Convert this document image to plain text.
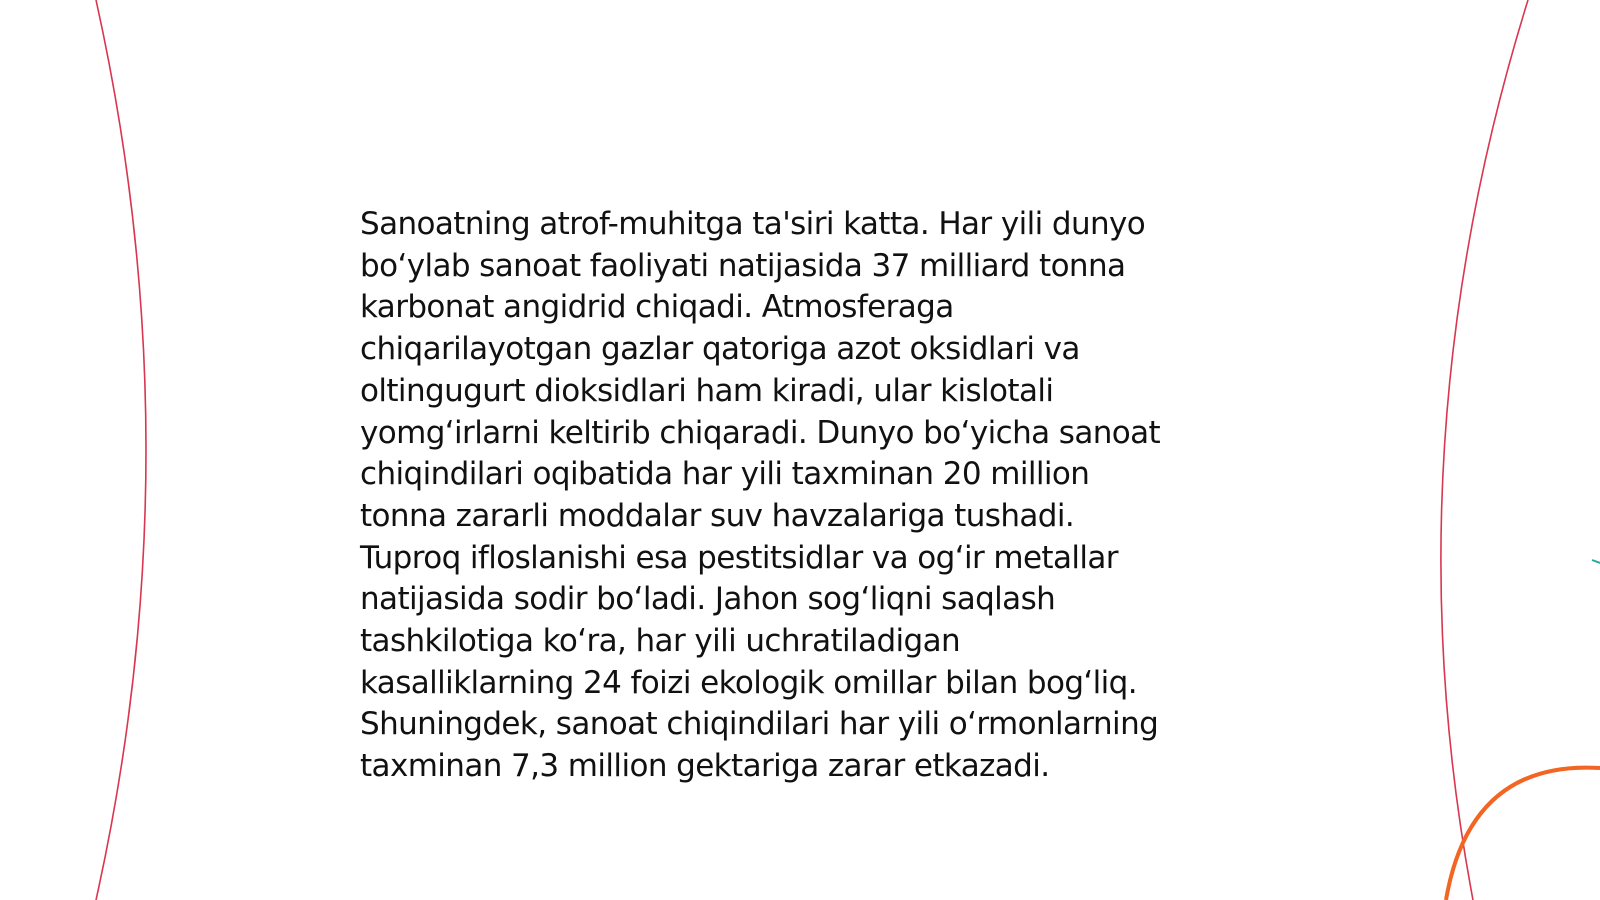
Sanoatning atrof-muhitga ta'siri katta. Har yili dunyo
bo‘ylab sanoat faoliyati natijasida 37 milliard tonna
karbonat angidrid chiqadi. Atmosferaga
chiqarilayotgan gazlar qatoriga azot oksidlari va
oltingugurt dioksidlari ham kiradi, ular kislotali
yomg‘irlarni keltirib chiqaradi. Dunyo bo‘yicha sanoat
chiqindilari oqibatida har yili taxminan 20 million
tonna zararli moddalar suv havzalariga tushadi.
Tuproq ifloslanishi esa pestitsidlar va og‘ir metallar
natijasida sodir bo‘ladi. Jahon sog‘liqni saqlash
tashkilotiga ko‘ra, har yili uchratiladigan
kasalliklarning 24 foizi ekologik omillar bilan bog‘liq.
Shuningdek, sanoat chiqindilari har yili o‘rmonlarning
taxminan 7,3 million gektariga zarar etkazadi.
